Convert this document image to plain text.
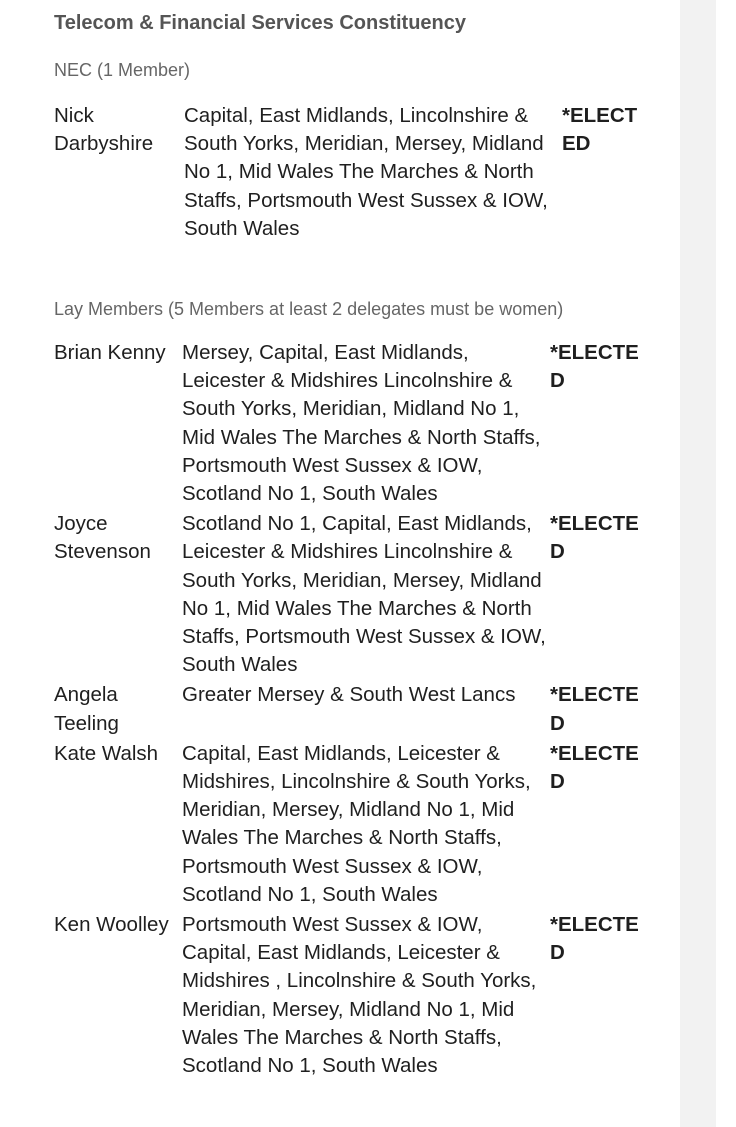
Telecom & Financial Services Constituency
NEC (1 Member)
Nick Darbyshire
Capital, East Midlands, Lincolnshire & South Yorks, Meridian, Mersey, Midland No 1, Mid Wales The Marches & North Staffs, Portsmouth West Sussex & IOW, South Wales
*ELECTED
Lay Members (5 Members at least 2 delegates must be women)
Brian Kenny Mersey, Capital, East Midlands, Leicester & Midshires Lincolnshire & South Yorks, Meridian, Midland No 1, Mid Wales The Marches & North Staffs, Portsmouth West Sussex & IOW, Scotland No 1, South Wales
*ELECTED
Joyce Stevenson
Scotland No 1, Capital, East Midlands, Leicester & Midshires Lincolnshire & South Yorks, Meridian, Mersey, Midland No 1, Mid Wales The Marches & North Staffs, Portsmouth West Sussex & IOW, South Wales
*ELECTED
Angela Teeling
Greater Mersey & South West Lancs	*ELECTED
Kate Walsh	Capital, East Midlands, Leicester & Midshires, Lincolnshire & South Yorks, Meridian, Mersey, Midland No 1, Mid Wales The Marches & North Staffs, Portsmouth West Sussex & IOW, Scotland No 1, South Wales
*ELECTED
Ken Woolley Portsmouth West Sussex & IOW, Capital, East Midlands, Leicester & Midshires , Lincolnshire & South Yorks, Meridian, Mersey, Midland No 1, Mid Wales The Marches & North Staffs, Scotland No 1, South Wales
*ELECTED
